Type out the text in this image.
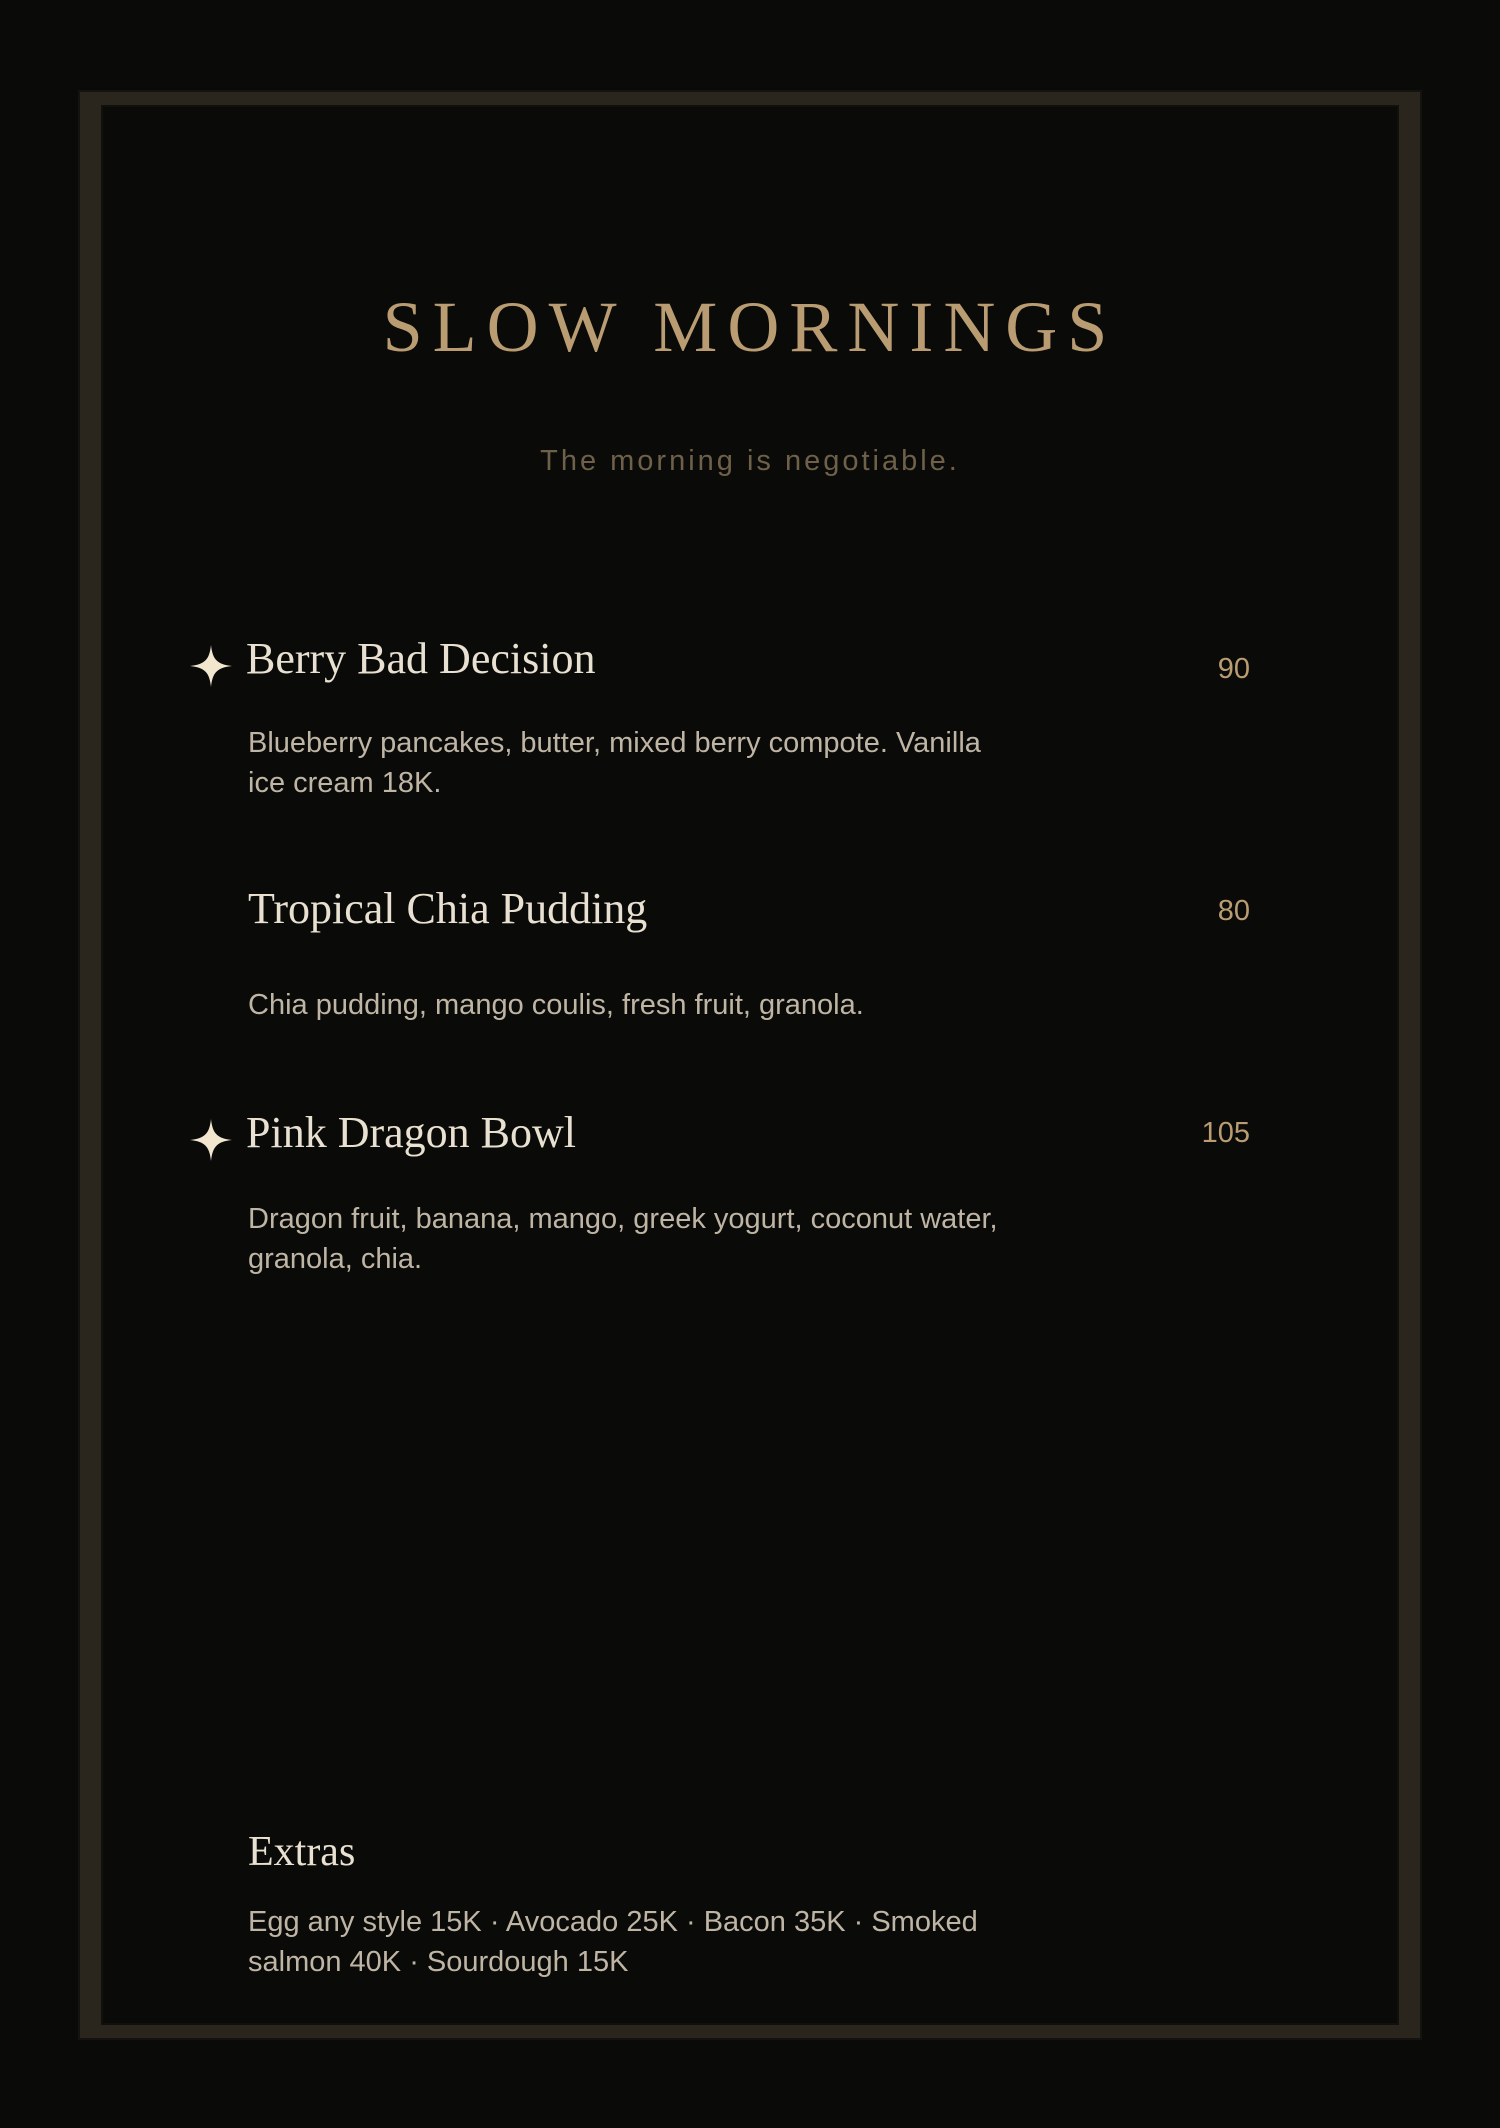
SLOW MORNINGS
The morning is negotiable.
Berry Bad Decision	90
Blueberry pancakes, butter, mixed berry compote. Vanilla ice cream 18K.
Tropical Chia Pudding	80
Chia pudding, mango coulis, fresh fruit, granola.
Pink Dragon Bowl	105
Dragon fruit, banana, mango, greek yogurt, coconut water, granola, chia.
Extras
Egg any style 15K · Avocado 25K · Bacon 35K · Smoked salmon 40K · Sourdough 15K
